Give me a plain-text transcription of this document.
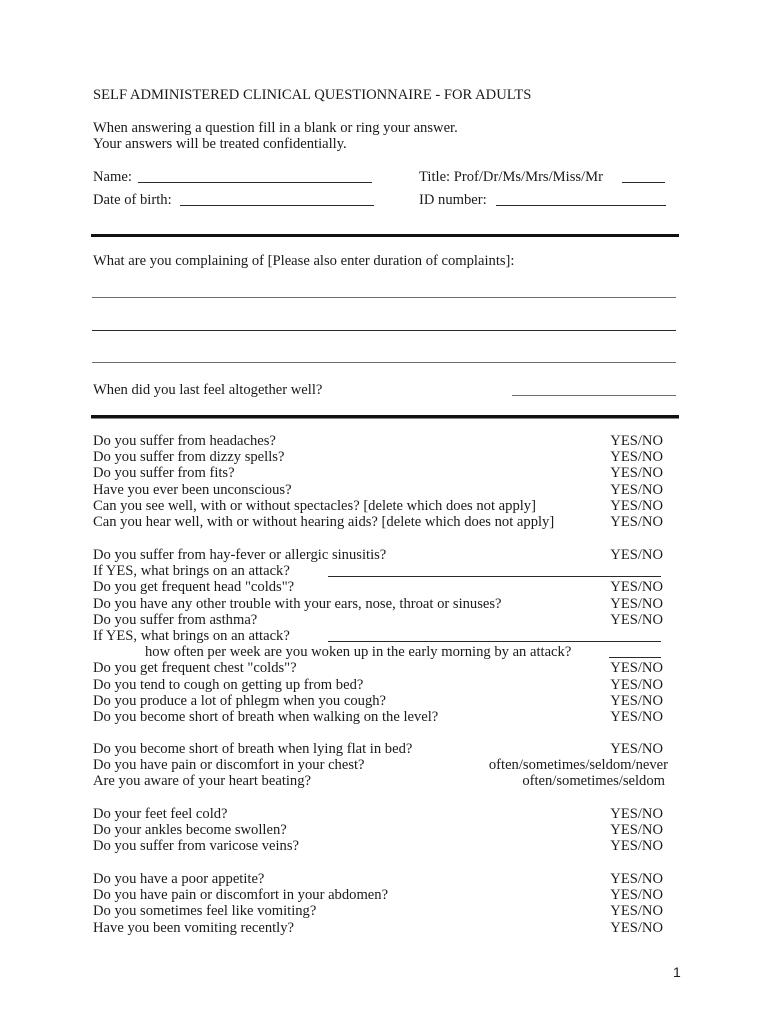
SELF ADMINISTERED CLINICAL QUESTIONNAIRE - FOR ADULTS
When answering a question fill in a blank or ring your answer.
Your answers will be treated confidentially.
Name:	Title: Prof/Dr/Ms/Mrs/Miss/Mr
Date of birth:	ID number:
What are you complaining of [Please also enter duration of complaints]:
When did you last feel altogether well?
Do you suffer from headaches?	YES/NO
Do you suffer from dizzy spells?	YES/NO
Do you suffer from fits?	YES/NO
Have you ever been unconscious?	YES/NO
Can you see well, with or without spectacles? [delete which does not apply]	YES/NO
Can you hear well, with or without hearing aids? [delete which does not apply]	YES/NO
Do you suffer from hay-fever or allergic sinusitis?	YES/NO
If YES, what brings on an attack?
Do you get frequent head "colds"?	YES/NO
Do you have any other trouble with your ears, nose, throat or sinuses?	YES/NO
Do you suffer from asthma?	YES/NO
If YES, what brings on an attack?
how often per week are you woken up in the early morning by an attack?
Do you get frequent chest "colds"?	YES/NO
Do you tend to cough on getting up from bed?	YES/NO
Do you produce a lot of phlegm when you cough?	YES/NO
Do you become short of breath when walking on the level?	YES/NO
Do you become short of breath when lying flat in bed?	YES/NO
Do you have pain or discomfort in your chest?	often/sometimes/seldom/never
Are you aware of your heart beating?	often/sometimes/seldom
Do your feet feel cold?	YES/NO
Do your ankles become swollen?	YES/NO
Do you suffer from varicose veins?	YES/NO
Do you have a poor appetite?	YES/NO
Do you have pain or discomfort in your abdomen?	YES/NO
Do you sometimes feel like vomiting?	YES/NO
Have you been vomiting recently?	YES/NO
1
